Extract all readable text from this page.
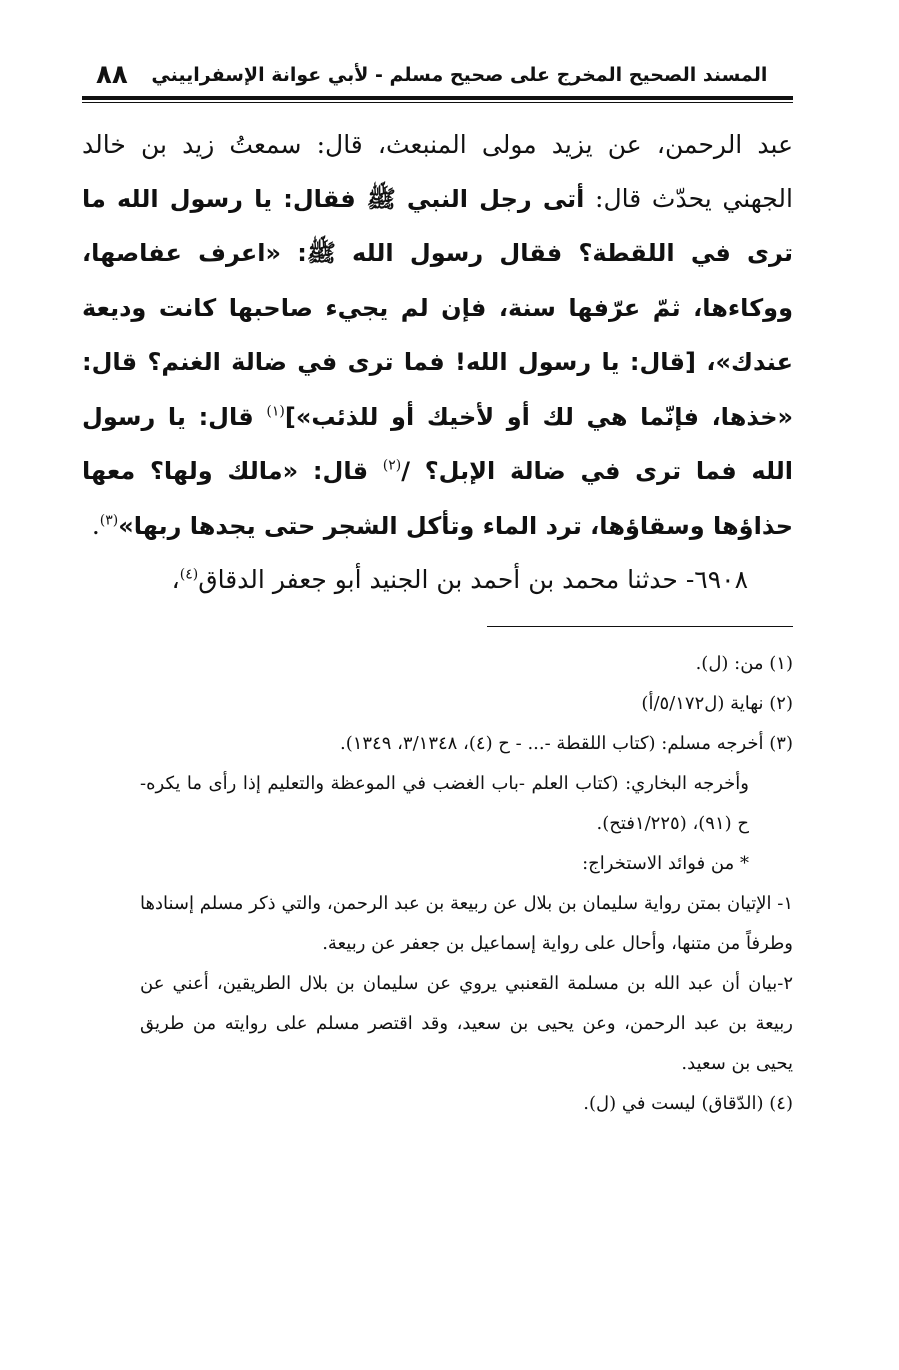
المسند الصحيح المخرج على صحيح مسلم - لأبي عوانة الإسفراييني
٨٨

عبد الرحمن، عن يزيد مولى المنبعث، قال: سمعتُ زيد بن خالد الجهني يحدّث قال: أتى رجل النبي ﷺ فقال: يا رسول الله ما ترى في اللقطة؟ فقال رسول الله ﷺ: «اعرف عفاصها، ووكاءها، ثمّ عرّفها سنة، فإن لم يجيء صاحبها كانت وديعة عندك»، [قال: يا رسول الله! فما ترى في ضالة الغنم؟ قال: «خذها، فإنّما هي لك أو لأخيك أو للذئب»]$^{(١)}$ قال: يا رسول الله فما ترى في ضالة الإبل؟ /$^{(٢)}$ قال: «مالك ولها؟ معها حذاؤها وسقاؤها، ترد الماء وتأكل الشجر حتى يجدها ربها»$^{(٣)}$.

٦٩٠٨- حدثنا محمد بن أحمد بن الجنيد أبو جعفر الدقاق$^{(٤)}$،

(١) من: (ل).

(٢) نهاية (ل٥/١٧٢/أ)

(٣) أخرجه مسلم: (كتاب اللقطة -... - ح (٤)، ٣/١٣٤٨، ١٣٤٩).

وأخرجه البخاري: (كتاب العلم -باب الغضب في الموعظة والتعليم إذا رأى ما يكره- ح (٩١)، (١/٢٢٥فتح).

* من فوائد الاستخراج:

١- الإتيان بمتن رواية سليمان بن بلال عن ربيعة بن عبد الرحمن، والتي ذكر مسلم إسنادها وطرفاً من متنها، وأحال على رواية إسماعيل بن جعفر عن ربيعة.

٢-بيان أن عبد الله بن مسلمة القعنبي يروي عن سليمان بن بلال الطريقين، أعني عن ربيعة بن عبد الرحمن، وعن يحيى بن سعيد، وقد اقتصر مسلم على روايته من طريق يحيى بن سعيد.

(٤) (الدّقاق) ليست في (ل).
